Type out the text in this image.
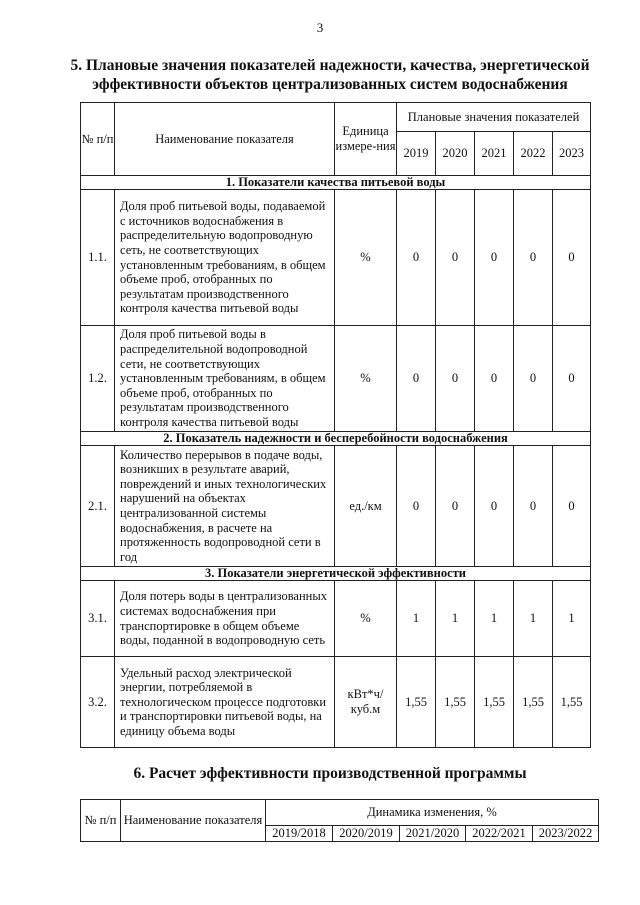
3
5. Плановые значения показателей надежности, качества, энергетической
эффективности объектов централизованных систем водоснабжения
№ п/п	Наименование показателя	Единица измере-ния	Плановые значения показателей				
			2019	2020	2021	2022	2023
1. Показатели качества питьевой воды							
1.1.	Доля проб питьевой воды, подаваемой с источников водоснабжения в распределительную водопроводную сеть, не соответствующих установленным требованиям, в общем объеме проб, отобранных по результатам производственного контроля качества питьевой воды	%	0	0	0	0	0
1.2.	Доля проб питьевой воды в распределительной водопроводной сети, не соответствующих установленным требованиям, в общем объеме проб, отобранных по результатам производственного контроля качества питьевой воды	%	0	0	0	0	0
2. Показатель надежности и бесперебойности водоснабжения							
2.1.	Количество перерывов в подаче воды, возникших в результате аварий, повреждений и иных технологических нарушений на объектах централизованной системы водоснабжения, в расчете на протяженность водопроводной сети в год	ед./км	0	0	0	0	0
3. Показатели энергетической эффективности							
3.1.	Доля потерь воды в централизованных системах водоснабжения при транспортировке в общем объеме воды, поданной в водопроводную сеть	%	1	1	1	1	1
3.2.	Удельный расход электрической энергии, потребляемой в технологическом процессе подготовки и транспортировки питьевой воды, на единицу объема воды	кВт*ч/ куб.м	1,55	1,55	1,55	1,55	1,55
6. Расчет эффективности производственной программы
№ п/п	Наименование показателя	Динамика изменения, %				
		2019/2018	2020/2019	2021/2020	2022/2021	2023/2022
